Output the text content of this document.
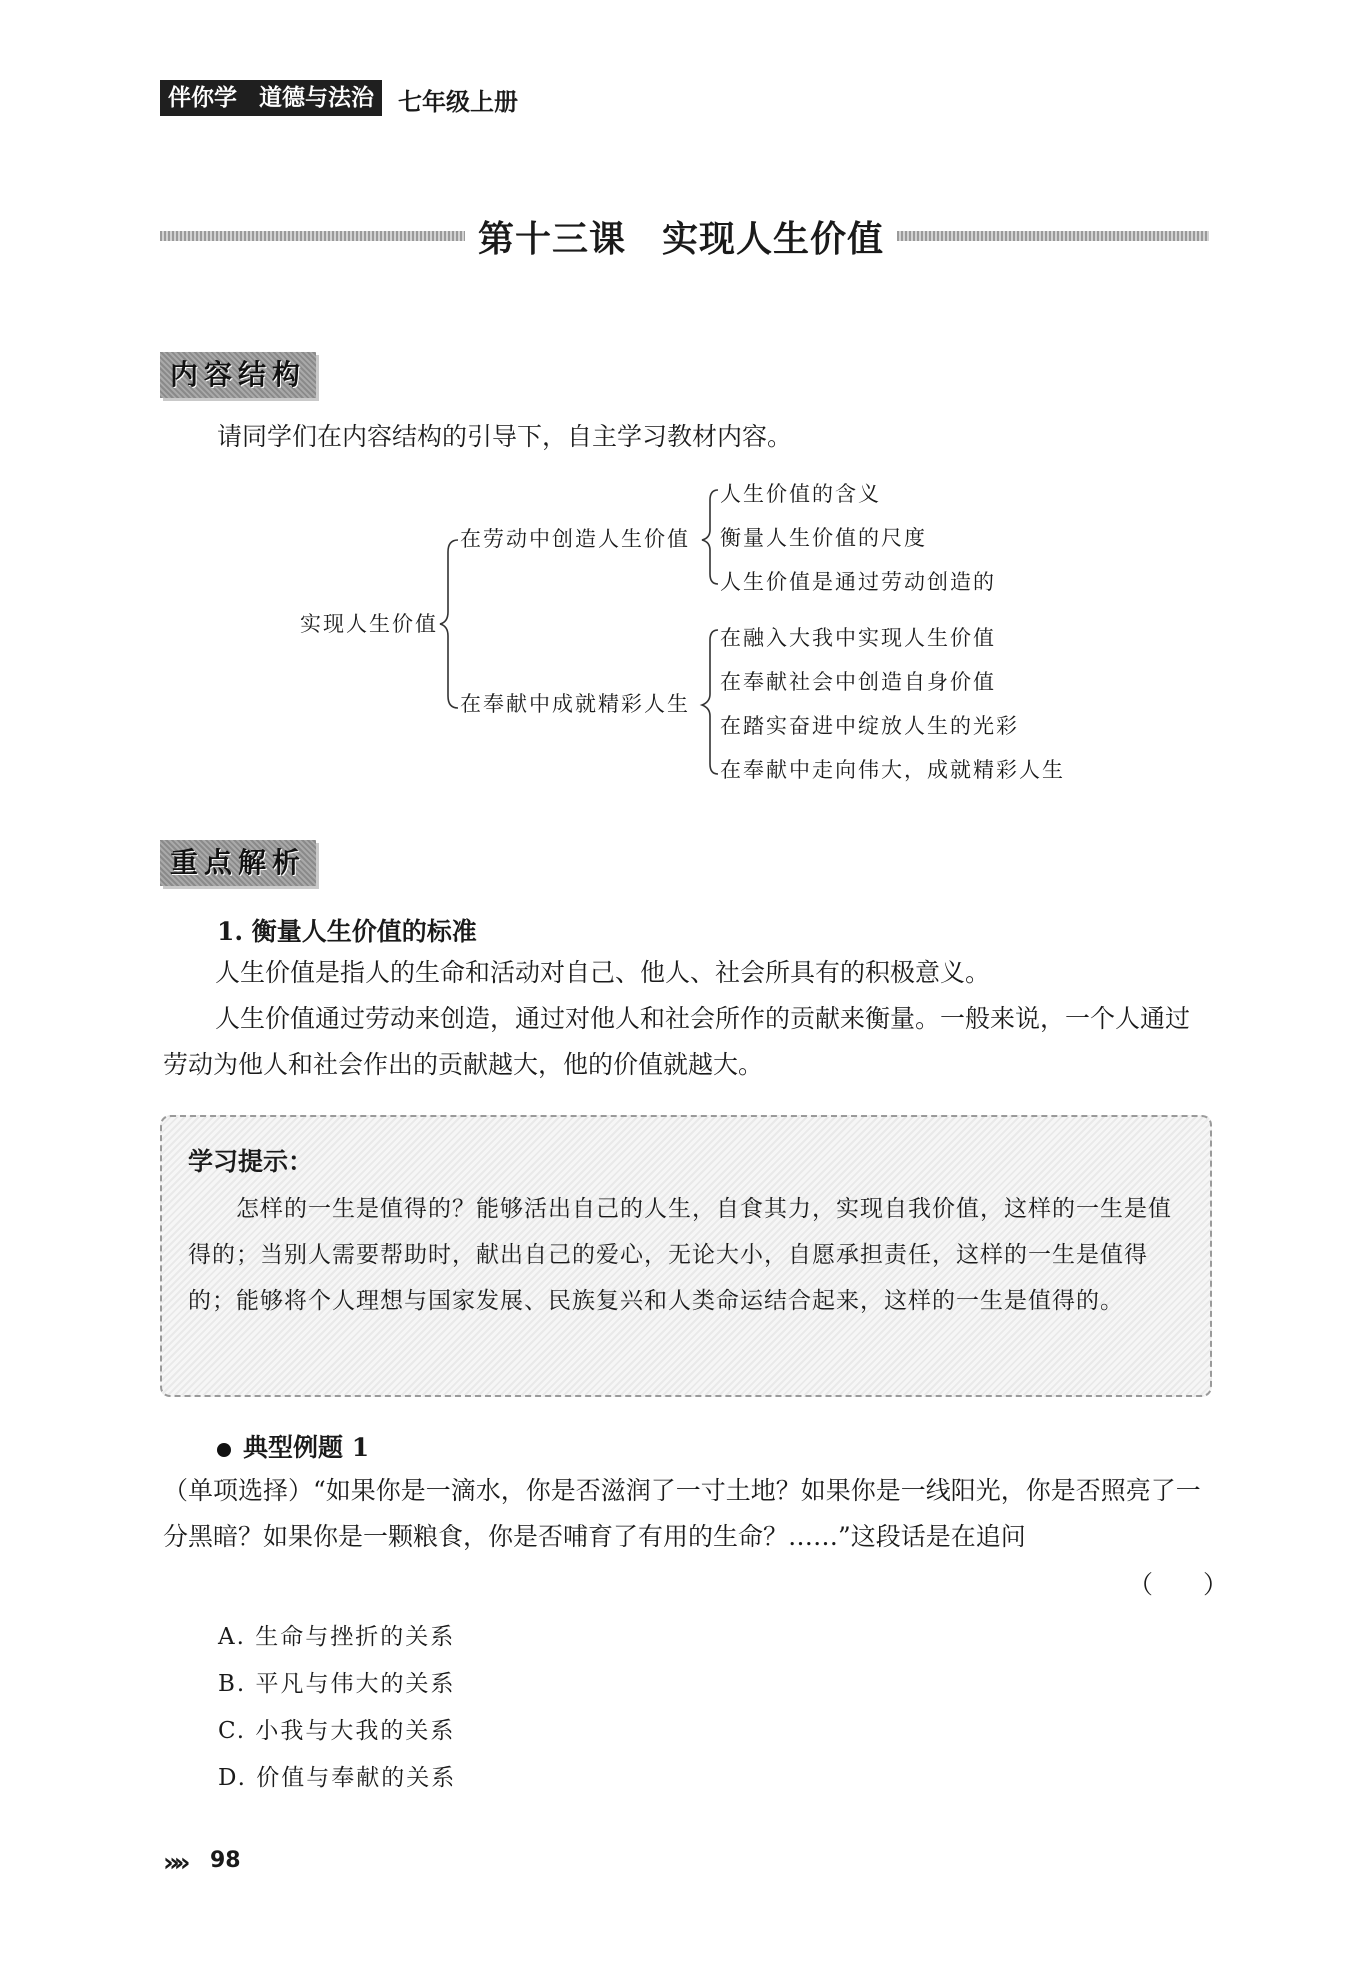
伴你学 道德与法治	七年级上册
第十三课 实现人生价值
内容结构
请同学们在内容结构的引导下，自主学习教材内容。
实现人生价值
在劳动中创造人生价值
在奉献中成就精彩人生
人生价值的含义
衡量人生价值的尺度
人生价值是通过劳动创造的
在融入大我中实现人生价值
在奉献社会中创造自身价值
在踏实奋进中绽放人生的光彩
在奉献中走向伟大，成就精彩人生
重点解析
1. 衡量人生价值的标准
人生价值是指人的生命和活动对自己、他人、社会所具有的积极意义。
人生价值通过劳动来创造，通过对他人和社会所作的贡献来衡量。一般来说，一个人通过劳动为他人和社会作出的贡献越大，他的价值就越大。
学习提示：
怎样的一生是值得的？能够活出自己的人生，自食其力，实现自我价值，这样的一生是值得的；当别人需要帮助时，献出自己的爱心，无论大小，自愿承担责任，这样的一生是值得的；能够将个人理想与国家发展、民族复兴和人类命运结合起来，这样的一生是值得的。
典型例题 1
（单项选择）“如果你是一滴水，你是否滋润了一寸土地？如果你是一线阳光，你是否照亮了一分黑暗？如果你是一颗粮食，你是否哺育了有用的生命？……”这段话是在追问
（　　）
A. 生命与挫折的关系
B. 平凡与伟大的关系
C. 小我与大我的关系
D. 价值与奉献的关系
»» 98
